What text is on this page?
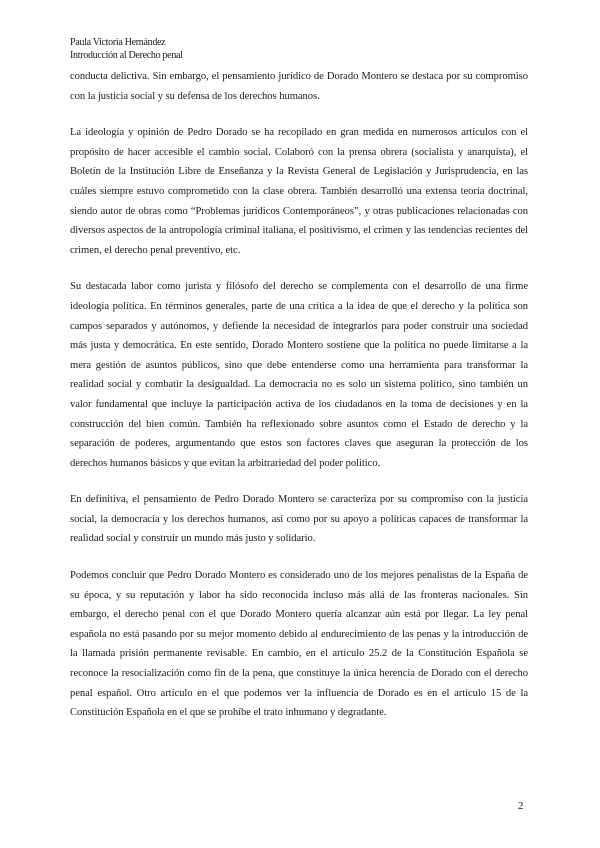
Paula Victoria Hernández
Introducción al Derecho penal

conducta delictiva. Sin embargo, el pensamiento jurídico de Dorado Montero se destaca por su compromiso con la justicia social y su defensa de los derechos humanos.

La ideología y opinión de Pedro Dorado se ha recopilado en gran medida en numerosos artículos con el propósito de hacer accesible el cambio social. Colaboró con la prensa obrera (socialista y anarquista), el Boletín de la Institución Libre de Enseñanza y la Revista General de Legislación y Jurisprudencia, en las cuáles siempre estuvo comprometido con la clase obrera. También desarrolló una extensa teoría doctrinal, siendo autor de obras como “Problemas jurídicos Contemporáneos”, y otras publicaciones relacionadas con diversos aspectos de la antropología criminal italiana, el positivismo, el crimen y las tendencias recientes del crimen, el derecho penal preventivo, etc.

Su destacada labor como jurista y filósofo del derecho se complementa con el desarrollo de una firme ideología política. En términos generales, parte de una crítica a la idea de que el derecho y la política son campos separados y autónomos, y defiende la necesidad de integrarlos para poder construir una sociedad más justa y democrática. En este sentido, Dorado Montero sostiene que la política no puede limitarse a la mera gestión de asuntos públicos, sino que debe entenderse como una herramienta para transformar la realidad social y combatir la desigualdad. La democracia no es solo un sistema político, sino también un valor fundamental que incluye la participación activa de los ciudadanos en la toma de decisiones y en la construcción del bien común. También ha reflexionado sobre asuntos como el Estado de derecho y la separación de poderes, argumentando que estos son factores claves que aseguran la protección de los derechos humanos básicos y que evitan la arbitrariedad del poder político.

En definitiva, el pensamiento de Pedro Dorado Montero se caracteriza por su compromiso con la justicia social, la democracia y los derechos humanos, así como por su apoyo a políticas capaces de transformar la realidad social y construir un mundo más justo y solidario.

Podemos concluir que Pedro Dorado Montero es considerado uno de los mejores penalistas de la España de su época, y su reputación y labor ha sido reconocida incluso más allá de las fronteras nacionales. Sin embargo, el derecho penal con el que Dorado Montero quería alcanzar aún está por llegar. La ley penal española no está pasando por su mejor momento debido al endurecimiento de las penas y la introducción de la llamada prisión permanente revisable. En cambio, en el artículo 25.2 de la Constitución Española se reconoce la resocialización como fin de la pena, que constituye la única herencia de Dorado con el derecho penal español. Otro artículo en el que podemos ver la influencia de Dorado es en el artículo 15 de la Constitución Española en el que se prohíbe el trato inhumano y degradante.

2
